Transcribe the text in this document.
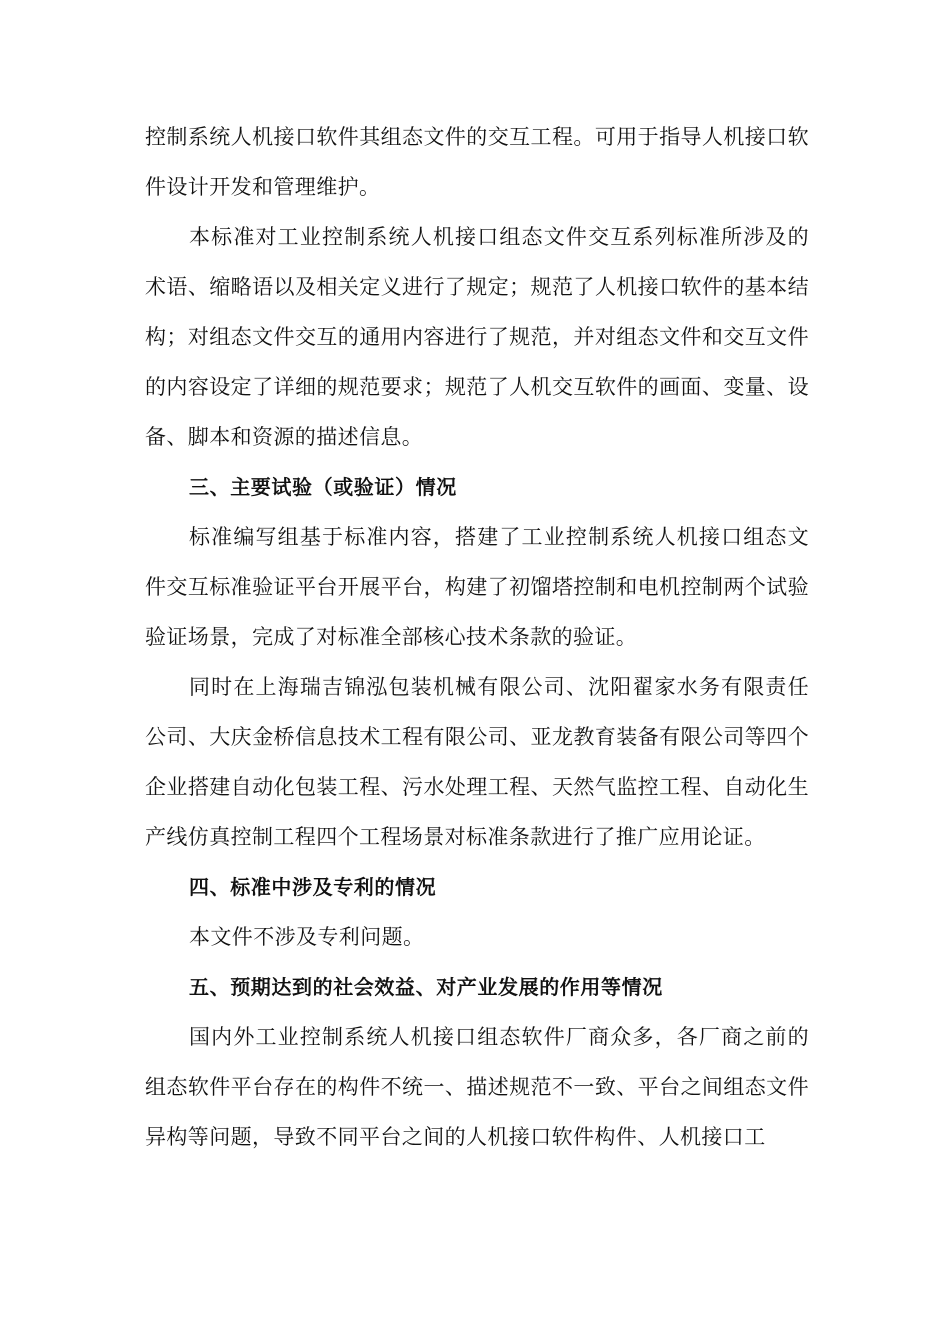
控制系统人机接口软件其组态文件的交互工程。可用于指导人机接口软件设计开发和管理维护。

本标准对工业控制系统人机接口组态文件交互系列标准所涉及的术语、缩略语以及相关定义进行了规定；规范了人机接口软件的基本结构；对组态文件交互的通用内容进行了规范，并对组态文件和交互文件的内容设定了详细的规范要求；规范了人机交互软件的画面、变量、设备、脚本和资源的描述信息。

三、主要试验（或验证）情况

标准编写组基于标准内容，搭建了工业控制系统人机接口组态文件交互标准验证平台开展平台，构建了初馏塔控制和电机控制两个试验验证场景，完成了对标准全部核心技术条款的验证。

同时在上海瑞吉锦泓包装机械有限公司、沈阳翟家水务有限责任公司、大庆金桥信息技术工程有限公司、亚龙教育装备有限公司等四个企业搭建自动化包装工程、污水处理工程、天然气监控工程、自动化生产线仿真控制工程四个工程场景对标准条款进行了推广应用论证。

四、标准中涉及专利的情况

本文件不涉及专利问题。

五、预期达到的社会效益、对产业发展的作用等情况

国内外工业控制系统人机接口组态软件厂商众多，各厂商之前的组态软件平台存在的构件不统一、描述规范不一致、平台之间组态文件异构等问题，导致不同平台之间的人机接口软件构件、人机接口工
